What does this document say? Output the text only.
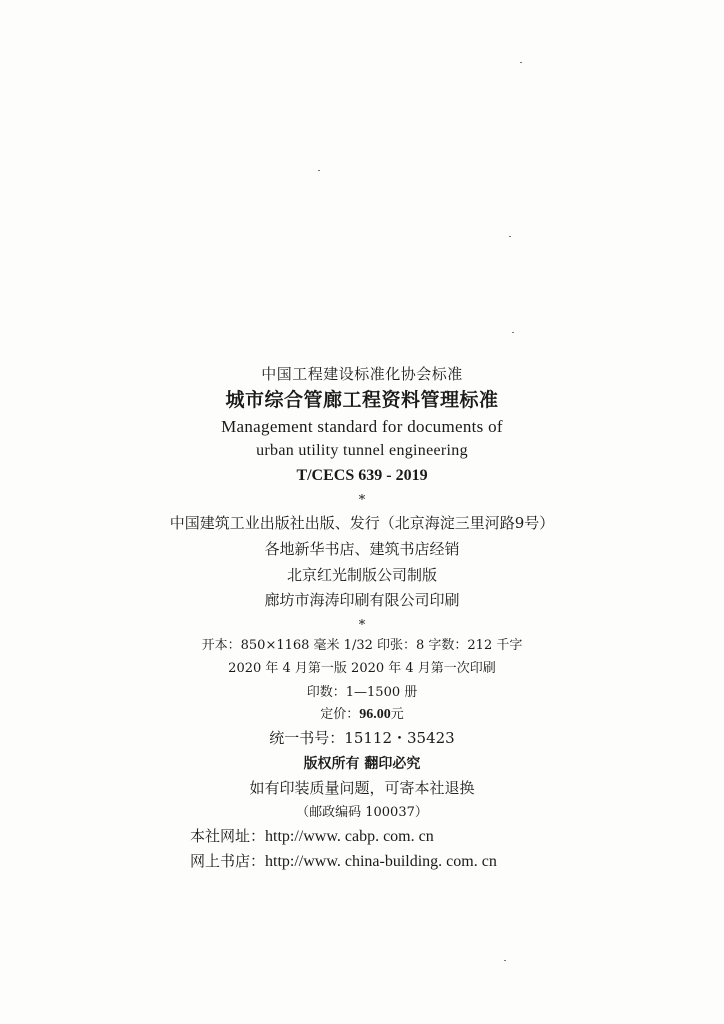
中国工程建设标准化协会标准
城市综合管廊工程资料管理标准
Management standard for documents of
urban utility tunnel engineering
T/CECS 639 - 2019
*
中国建筑工业出版社出版、发行（北京海淀三里河路9号）
各地新华书店、建筑书店经销
北京红光制版公司制版
廊坊市海涛印刷有限公司印刷
*
开本：850×1168 毫米 1/32 印张：8 字数：212 千字
2020 年 4 月第一版 2020 年 4 月第一次印刷
印数：1—1500 册
定价：96.00元
统一书号：15112・35423
版权所有 翻印必究
如有印装质量问题，可寄本社退换
（邮政编码 100037）
本社网址：http://www. cabp. com. cn
网上书店：http://www. china-building. com. cn
